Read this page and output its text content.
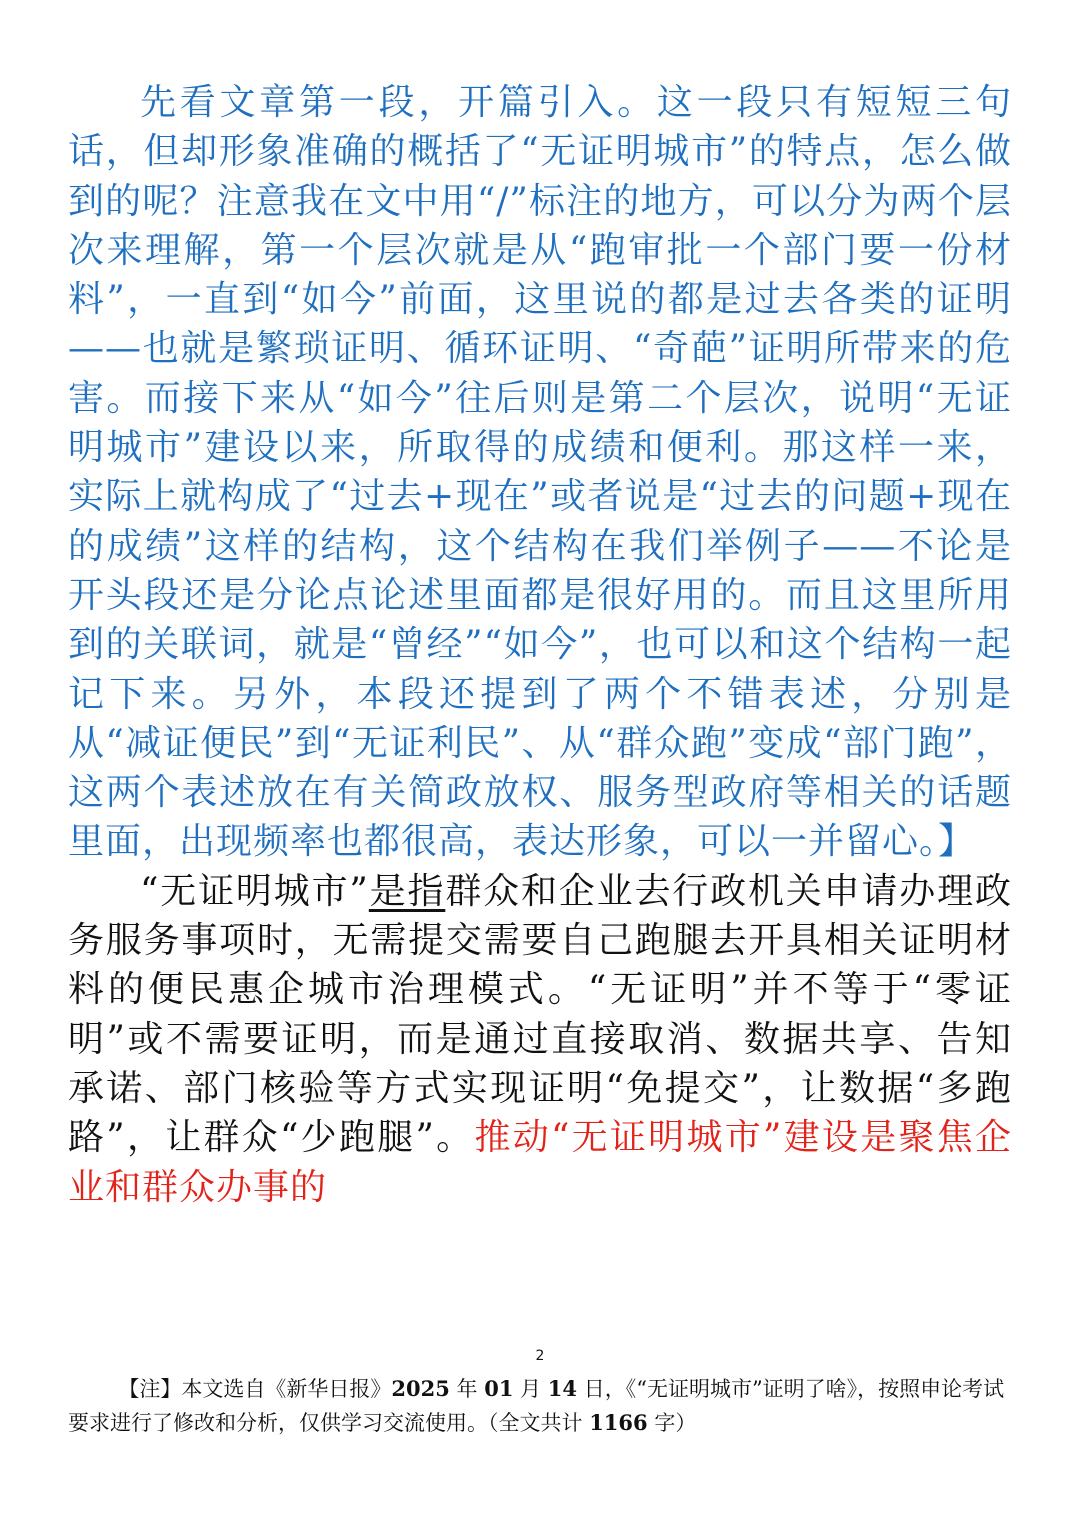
先看文章第一段，开篇引入。这一段只有短短三句话，但却形象准确的概括了“无证明城市”的特点，怎么做到的呢？注意我在文中用“/”标注的地方，可以分为两个层次来理解，第一个层次就是从“跑审批一个部门要一份材料”，一直到“如今”前面，这里说的都是过去各类的证明——也就是繁琐证明、循环证明、“奇葩”证明所带来的危害。而接下来从“如今”往后则是第二个层次，说明“无证明城市”建设以来，所取得的成绩和便利。那这样一来，实际上就构成了“过去+现在”或者说是“过去的问题+现在的成绩”这样的结构，这个结构在我们举例子——不论是开头段还是分论点论述里面都是很好用的。而且这里所用到的关联词，就是“曾经”“如今”，也可以和这个结构一起记下来。另外，本段还提到了两个不错表述，分别是从“减证便民”到“无证利民”、从“群众跑”变成“部门跑”，这两个表述放在有关简政放权、服务型政府等相关的话题里面，出现频率也都很高，表达形象，可以一并留心。】

“无证明城市”是指群众和企业去行政机关申请办理政务服务事项时，无需提交需要自己跑腿去开具相关证明材料的便民惠企城市治理模式。“无证明”并不等于“零证明”或不需要证明，而是通过直接取消、数据共享、告知承诺、部门核验等方式实现证明“免提交”，让数据“多跑路”，让群众“少跑腿”。推动“无证明城市”建设是聚焦企业和群众办事的

2
【注】本文选自《新华日报》2025 年 01 月 14 日，《“无证明城市”证明了啥》，按照申论考试要求进行了修改和分析，仅供学习交流使用。（全文共计 1166 字）
